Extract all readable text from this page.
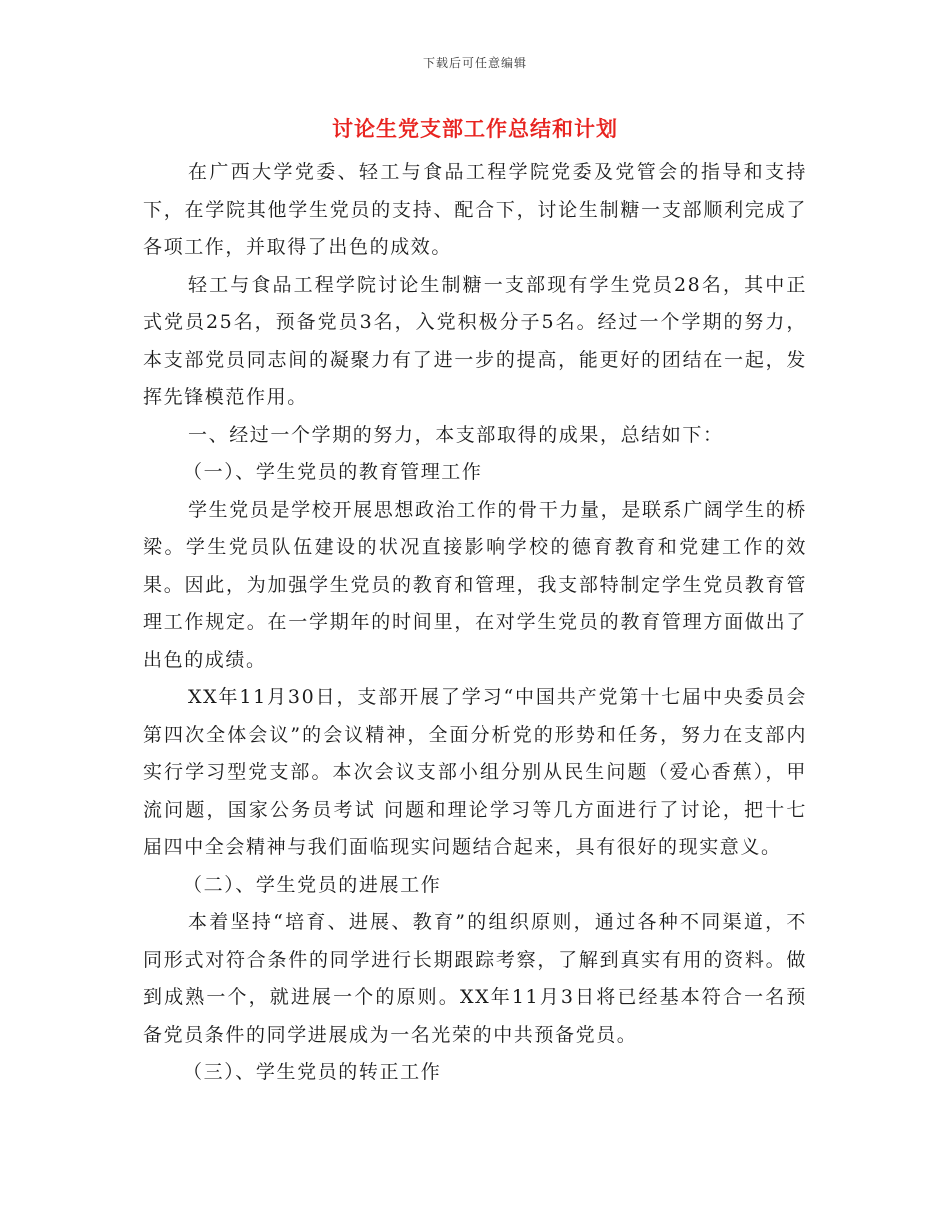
下载后可任意编辑
讨论生党支部工作总结和计划

在广西大学党委、轻工与食品工程学院党委及党管会的指导和支持下，在学院其他学生党员的支持、配合下，讨论生制糖一支部顺利完成了各项工作，并取得了出色的成效。

轻工与食品工程学院讨论生制糖一支部现有学生党员28名，其中正式党员25名，预备党员3名，入党积极分子5名。经过一个学期的努力，本支部党员同志间的凝聚力有了进一步的提高，能更好的团结在一起，发挥先锋模范作用。

一、经过一个学期的努力，本支部取得的成果，总结如下：

（一）、学生党员的教育管理工作

学生党员是学校开展思想政治工作的骨干力量，是联系广阔学生的桥梁。学生党员队伍建设的状况直接影响学校的德育教育和党建工作的效果。因此，为加强学生党员的教育和管理，我支部特制定学生党员教育管理工作规定。在一学期年的时间里，在对学生党员的教育管理方面做出了出色的成绩。

XX年11月30日，支部开展了学习“中国共产党第十七届中央委员会第四次全体会议”的会议精神，全面分析党的形势和任务，努力在支部内实行学习型党支部。本次会议支部小组分别从民生问题（爱心香蕉），甲流问题，国家公务员考试 问题和理论学习等几方面进行了讨论，把十七届四中全会精神与我们面临现实问题结合起来，具有很好的现实意义。

（二）、学生党员的进展工作

本着坚持“培育、进展、教育”的组织原则，通过各种不同渠道，不同形式对符合条件的同学进行长期跟踪考察，了解到真实有用的资料。做到成熟一个，就进展一个的原则。XX年11月3日将已经基本符合一名预备党员条件的同学进展成为一名光荣的中共预备党员。

（三）、学生党员的转正工作
